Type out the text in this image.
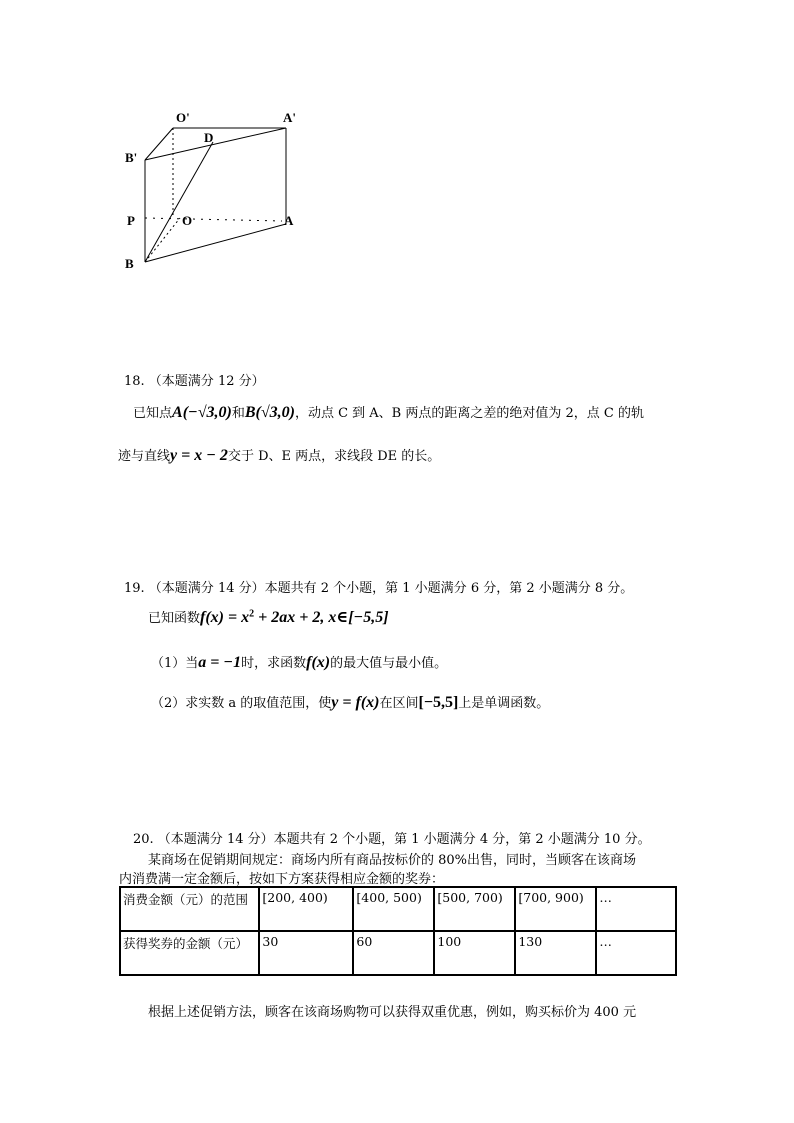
O'	A'
D
B'
P	O	A
B
18. （本题满分 12 分）
已知点A(−√3,0)和B(√3,0)，动点 C 到 A、B 两点的距离之差的绝对值为 2，点 C 的轨
迹与直线y = x − 2交于 D、E 两点，求线段 DE 的长。
19. （本题满分 14 分）本题共有 2 个小题，第 1 小题满分 6 分，第 2 小题满分 8 分。
已知函数$f(x) = x^2 + 2ax + 2$, x∈[−5,5]
（1）当a = −1时，求函数f(x)的最大值与最小值。
（2）求实数 a 的取值范围，使y = f(x)在区间[−5,5]上是单调函数。
20. （本题满分 14 分）本题共有 2 个小题，第 1 小题满分 4 分，第 2 小题满分 10 分。
某商场在促销期间规定：商场内所有商品按标价的 80%出售，同时，当顾客在该商场
内消费满一定金额后，按如下方案获得相应金额的奖券：
消费金额（元）的范围	[200, 400)	[400, 500)	[500, 700)	[700, 900)	…
获得奖券的金额（元）	30	60	100	130	…
根据上述促销方法，顾客在该商场购物可以获得双重优惠，例如，购买标价为 400 元
